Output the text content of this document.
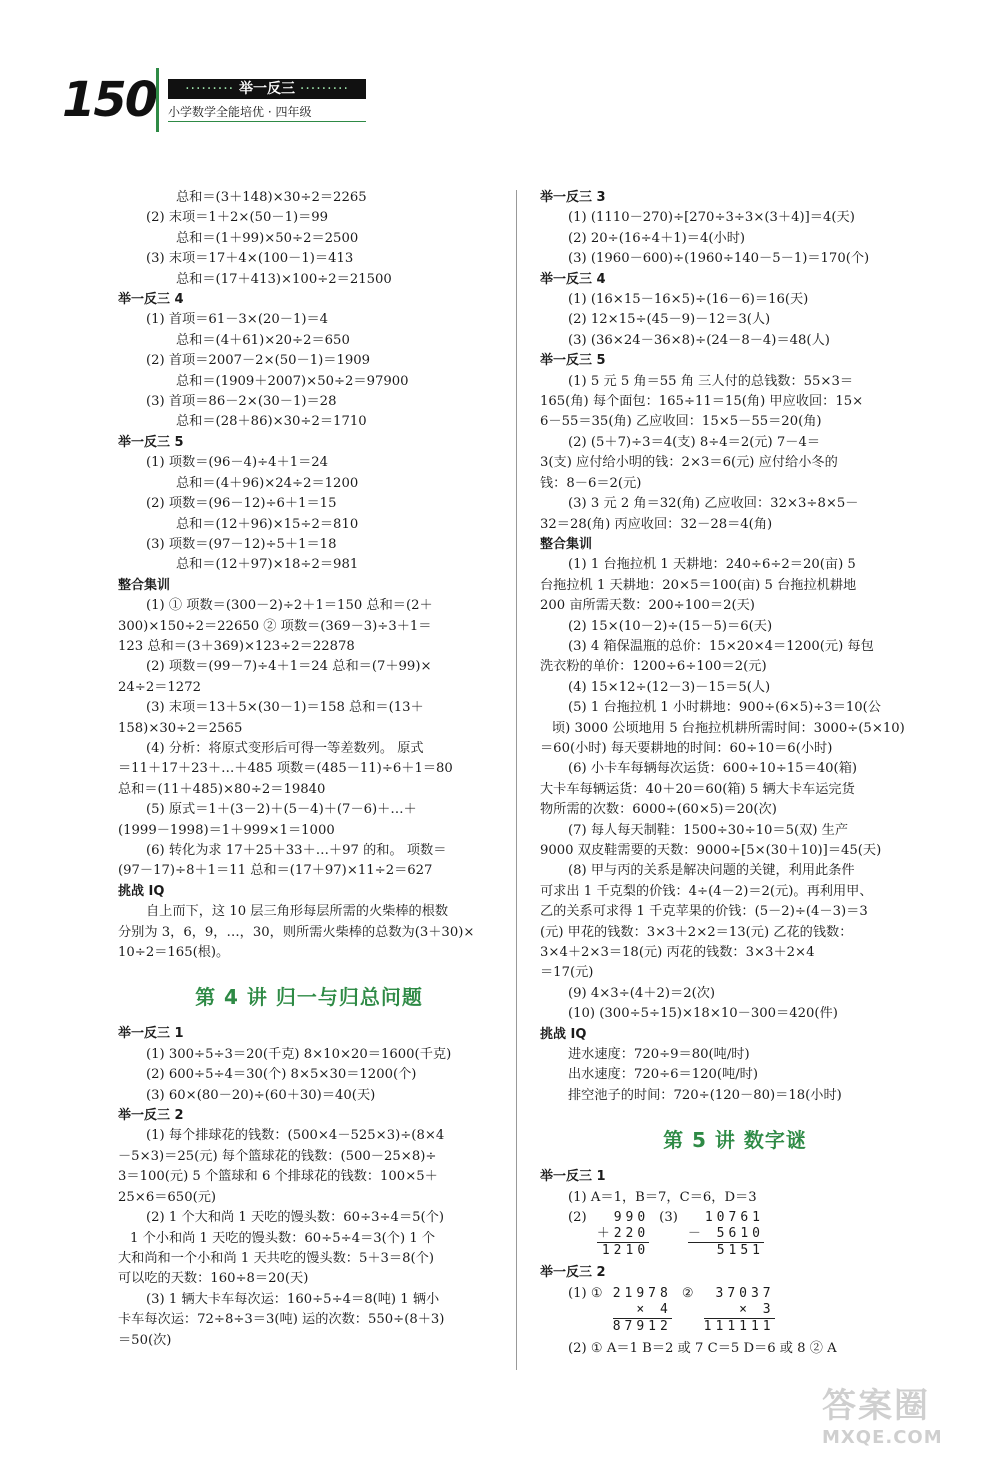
150	········· 举一反三 ·········
小学数学全能培优 · 四年级
总和＝(3＋148)×30÷2＝2265
(2) 末项＝1＋2×(50－1)＝99
总和＝(1＋99)×50÷2＝2500
(3) 末项＝17＋4×(100－1)＝413
总和＝(17＋413)×100÷2＝21500
举一反三 4
(1) 首项＝61－3×(20－1)＝4
总和＝(4＋61)×20÷2＝650
(2) 首项＝2007－2×(50－1)＝1909
总和＝(1909＋2007)×50÷2＝97900
(3) 首项＝86－2×(30－1)＝28
总和＝(28＋86)×30÷2＝1710
举一反三 5
(1) 项数＝(96－4)÷4＋1＝24
总和＝(4＋96)×24÷2＝1200
(2) 项数＝(96－12)÷6＋1＝15
总和＝(12＋96)×15÷2＝810
(3) 项数＝(97－12)÷5＋1＝18
总和＝(12＋97)×18÷2＝981
整合集训
(1) ① 项数＝(300－2)÷2＋1＝150 总和＝(2＋
300)×150÷2＝22650 ② 项数＝(369－3)÷3＋1＝
123 总和＝(3＋369)×123÷2＝22878
(2) 项数＝(99－7)÷4＋1＝24 总和＝(7＋99)×
24÷2＝1272
(3) 末项＝13＋5×(30－1)＝158 总和＝(13＋
158)×30÷2＝2565
(4) 分析：将原式变形后可得一等差数列。 原式
＝11＋17＋23＋…＋485 项数＝(485－11)÷6＋1＝80
总和＝(11＋485)×80÷2＝19840
(5) 原式＝1＋(3－2)＋(5－4)＋(7－6)＋…＋
(1999－1998)＝1＋999×1＝1000
(6) 转化为求 17＋25＋33＋…＋97 的和。 项数＝
(97－17)÷8＋1＝11 总和＝(17＋97)×11÷2＝627
挑战 IQ
自上而下，这 10 层三角形每层所需的火柴棒的根数
分别为 3，6，9，…，30，则所需火柴棒的总数为(3＋30)×
10÷2＝165(根)。
第 4 讲 归一与归总问题
举一反三 1
(1) 300÷5÷3＝20(千克) 8×10×20＝1600(千克)
(2) 600÷5÷4＝30(个) 8×5×30＝1200(个)
(3) 60×(80－20)÷(60＋30)＝40(天)
举一反三 2
(1) 每个排球花的钱数：(500×4－525×3)÷(8×4
－5×3)＝25(元) 每个篮球花的钱数：(500－25×8)÷
3＝100(元) 5 个篮球和 6 个排球花的钱数：100×5＋
25×6＝650(元)
(2) 1 个大和尚 1 天吃的馒头数：60÷3÷4＝5(个)
1 个小和尚 1 天吃的馒头数：60÷5÷4＝3(个) 1 个
大和尚和一个小和尚 1 天共吃的馒头数：5＋3＝8(个)
可以吃的天数：160÷8＝20(天)
(3) 1 辆大卡车每次运：160÷5÷4＝8(吨) 1 辆小
卡车每次运：72÷8÷3＝3(吨) 运的次数：550÷(8＋3)
＝50(次)
举一反三 3
(1) (1110－270)÷[270÷3÷3×(3＋4)]＝4(天)
(2) 20÷(16÷4＋1)＝4(小时)
(3) (1960－600)÷(1960÷140－5－1)＝170(个)
举一反三 4
(1) (16×15－16×5)÷(16－6)＝16(天)
(2) 12×15÷(45－9)－12＝3(人)
(3) (36×24－36×8)÷(24－8－4)＝48(人)
举一反三 5
(1) 5 元 5 角＝55 角 三人付的总钱数：55×3＝
165(角) 每个面包：165÷11＝15(角) 甲应收回：15×
6－55＝35(角) 乙应收回：15×5－55＝20(角)
(2) (5＋7)÷3＝4(支) 8÷4＝2(元) 7－4＝
3(支) 应付给小明的钱：2×3＝6(元) 应付给小冬的
钱：8－6＝2(元)
(3) 3 元 2 角＝32(角) 乙应收回：32×3÷8×5－
32＝28(角) 丙应收回：32－28＝4(角)
整合集训
(1) 1 台拖拉机 1 天耕地：240÷6÷2＝20(亩) 5
台拖拉机 1 天耕地：20×5＝100(亩) 5 台拖拉机耕地
200 亩所需天数：200÷100＝2(天)
(2) 15×(10－2)÷(15－5)＝6(天)
(3) 4 箱保温瓶的总价：15×20×4＝1200(元) 每包
洗衣粉的单价：1200÷6÷100＝2(元)
(4) 15×12÷(12－3)－15＝5(人)
(5) 1 台拖拉机 1 小时耕地：900÷(6×5)÷3＝10(公
顷) 3000 公顷地用 5 台拖拉机耕所需时间：3000÷(5×10)
＝60(小时) 每天要耕地的时间：60÷10＝6(小时)
(6) 小卡车每辆每次运货：600÷10÷15＝40(箱)
大卡车每辆运货：40＋20＝60(箱) 5 辆大卡车运完货
物所需的次数：6000÷(60×5)＝20(次)
(7) 每人每天制鞋：1500÷30÷10＝5(双) 生产
9000 双皮鞋需要的天数：9000÷[5×(30＋10)]＝45(天)
(8) 甲与丙的关系是解决问题的关键，利用此条件
可求出 1 千克梨的价钱：4÷(4－2)＝2(元)。再利用甲、
乙的关系可求得 1 千克苹果的价钱：(5－2)÷(4－3)＝3
(元) 甲花的钱数：3×3＋2×2＝13(元) 乙花的钱数：
3×4＋2×3＝18(元) 丙花的钱数：3×3＋2×4
＝17(元)
(9) 4×3÷(4＋2)＝2(次)
(10) (300÷5÷15)×18×10－300＝420(件)
挑战 IQ
进水速度：720÷9＝80(吨/时)
出水速度：720÷6＝120(吨/时)
排空池子的时间：720÷(120－80)＝18(小时)
第 5 讲 数字谜
举一反三 1
(1) A＝1，B＝7，C＝6，D＝3
(2)	990
＋220
1210
(3)	10761
－ 5610
5151
举一反三 2
(1) ① 21978
× 4
87912
②	37037
× 3
111111
(2) ① A＝1 B＝2 或 7 C＝5 D＝6 或 8 ② A
答案圈
MXQE.COM
